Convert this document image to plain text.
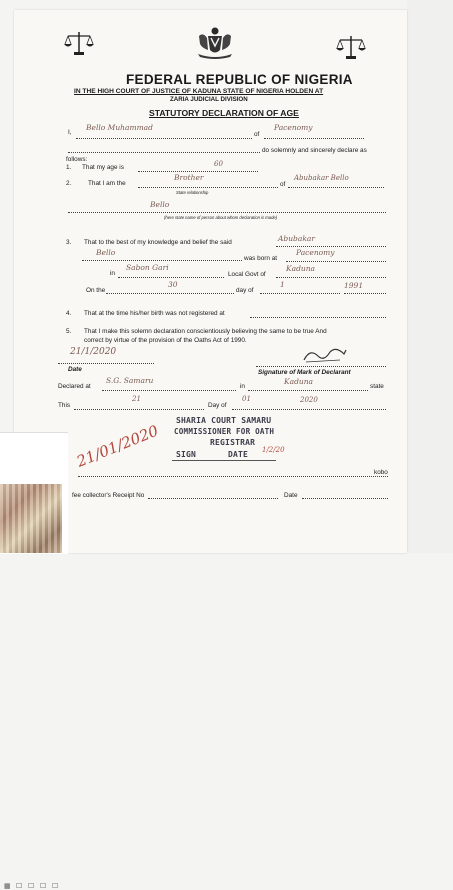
FEDERAL REPUBLIC OF NIGERIA
IN THE HIGH COURT OF JUSTICE OF KADUNA STATE OF NIGERIA HOLDEN AT
ZARIA JUDICIAL DIVISION
STATUTORY DECLARATION OF AGE
I,
Bello Muhammad
of
Pacenomy
do solemnly and sincerely declare as
follows:
1. That my age is	60
2.	That I am the
Brother
of
Abubakar Bello
State relationship
Bello
(here state name of person about whom declaration is made)
3. That to the best of my knowledge and belief the said	Abubakar
Bello
was born at
Pacenomy
in
Sabon Gari
Local Govt of
Kaduna
On the
30
day of
1	1991
4. That at the time his/her birth was not registered at
5. That I make this solemn declaration conscientiously believing the same to be true And
correct by virtue of the provision of the Oaths Act of 1990.
21/1/2020
Date	Signature of Mark of Declarant
Declared at
S.G. Samaru
in
Kaduna
state
This
21
Day of
01	2020
SHARIA COURT SAMARU
COMMISSIONER FOR OATH
REGISTRAR
SIGN	DATE 1/2/20
21/01/2020
kobo
fee collector's Receipt No	Date
▦ ☐ ☐ ☐ ☐
